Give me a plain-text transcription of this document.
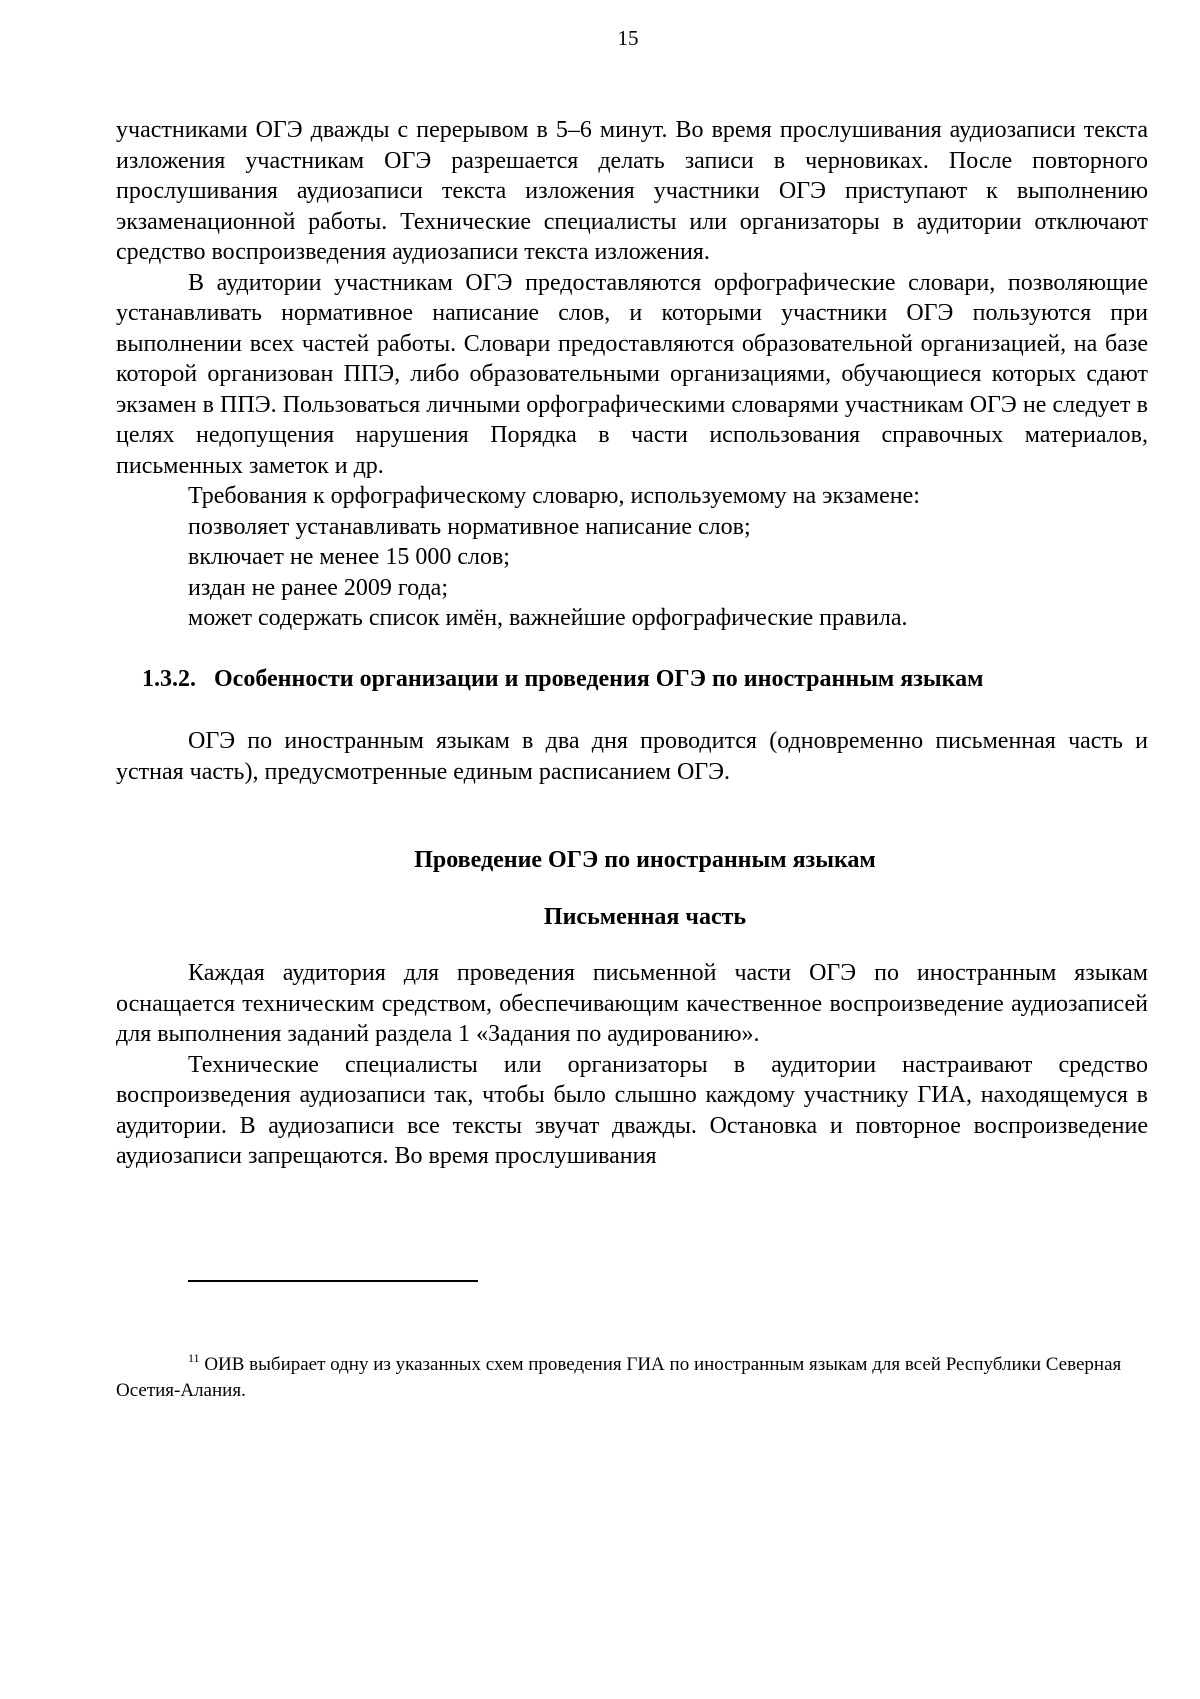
15

участниками ОГЭ дважды с перерывом в 5–6 минут. Во время прослушивания аудиозаписи текста изложения участникам ОГЭ разрешается делать записи в черновиках. После повторного прослушивания аудиозаписи текста изложения участники ОГЭ приступают к выполнению экзаменационной работы. Технические специалисты или организаторы в аудитории отключают средство воспроизведения аудиозаписи текста изложения.

В аудитории участникам ОГЭ предоставляются орфографические словари, позволяющие устанавливать нормативное написание слов, и которыми участники ОГЭ пользуются при выполнении всех частей работы. Словари предоставляются образовательной организацией, на базе которой организован ППЭ, либо образовательными организациями, обучающиеся которых сдают экзамен в ППЭ. Пользоваться личными орфографическими словарями участникам ОГЭ не следует в целях недопущения нарушения Порядка в части использования справочных материалов, письменных заметок и др.

Требования к орфографическому словарю, используемому на экзамене:

позволяет устанавливать нормативное написание слов;

включает не менее 15 000 слов;

издан не ранее 2009 года;

может содержать список имён, важнейшие орфографические правила.

1.3.2. Особенности организации и проведения ОГЭ по иностранным языкам

ОГЭ по иностранным языкам в два дня проводится (одновременно письменная часть и устная часть), предусмотренные единым расписанием ОГЭ.

Проведение ОГЭ по иностранным языкам

Письменная часть

Каждая аудитория для проведения письменной части ОГЭ по иностранным языкам оснащается техническим средством, обеспечивающим качественное воспроизведение аудиозаписей для выполнения заданий раздела 1 «Задания по аудированию».

Технические специалисты или организаторы в аудитории настраивают средство воспроизведения аудиозаписи так, чтобы было слышно каждому участнику ГИА, находящемуся в аудитории. В аудиозаписи все тексты звучат дважды. Остановка и повторное воспроизведение аудиозаписи запрещаются. Во время прослушивания

$^{11}$ ОИВ выбирает одну из указанных схем проведения ГИА по иностранным языкам для всей Республики Северная Осетия-Алания.
